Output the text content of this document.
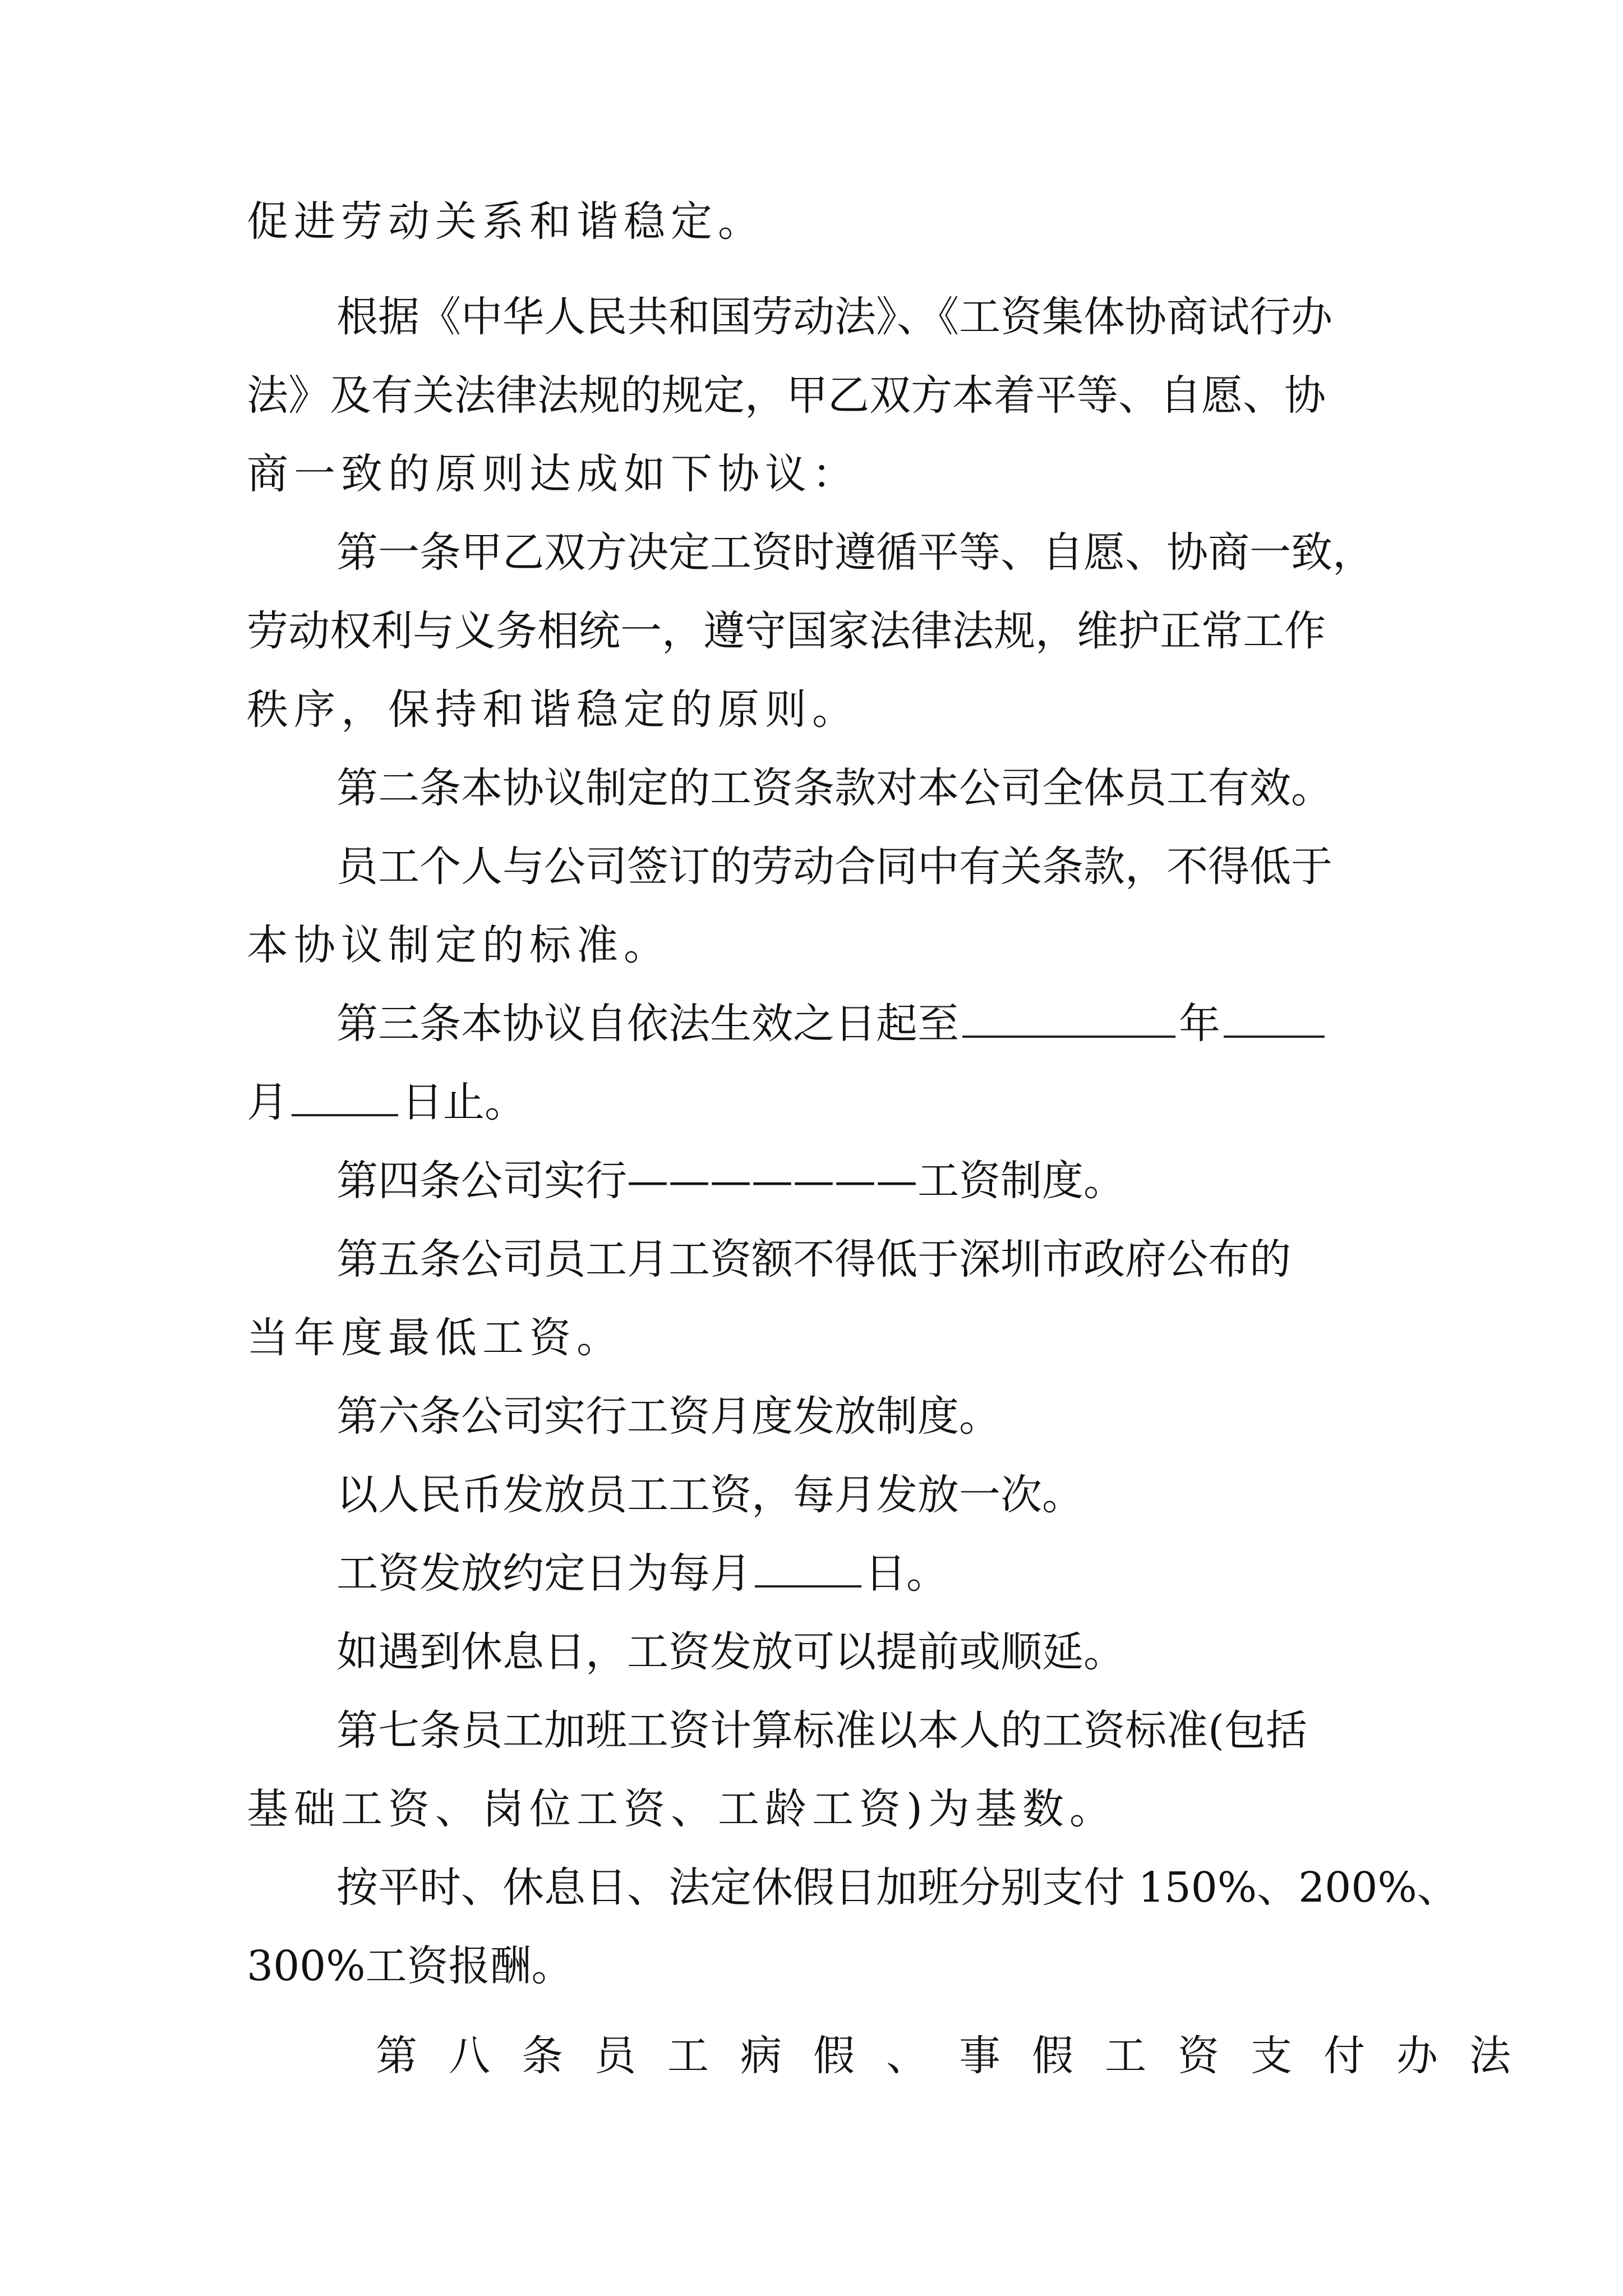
促进劳动关系和谐稳定。
根据《中华人民共和国劳动法》、《工资集体协商试行办
法》及有关法律法规的规定，甲乙双方本着平等、自愿、协
商一致的原则达成如下协议：
第一条甲乙双方决定工资时遵循平等、自愿、协商一致，
劳动权利与义务相统一，遵守国家法律法规，维护正常工作
秩序，保持和谐稳定的原则。
第二条本协议制定的工资条款对本公司全体员工有效。
员工个人与公司签订的劳动合同中有关条款，不得低于
本协议制定的标准。
第三条本协议自依法生效之日起至	年
月	日止。
第四条公司实行———————工资制度。
第五条公司员工月工资额不得低于深圳市政府公布的
当年度最低工资。
第六条公司实行工资月度发放制度。
以人民币发放员工工资，每月发放一次。
工资发放约定日为每月	日。
如遇到休息日，工资发放可以提前或顺延。
第七条员工加班工资计算标准以本人的工资标准(包括
基础工资、岗位工资、工龄工资)为基数。
按平时、休息日、法定休假日加班分别支付 150%、200%、
300%工资报酬。
第八条员工病假、事假工资支付办法
